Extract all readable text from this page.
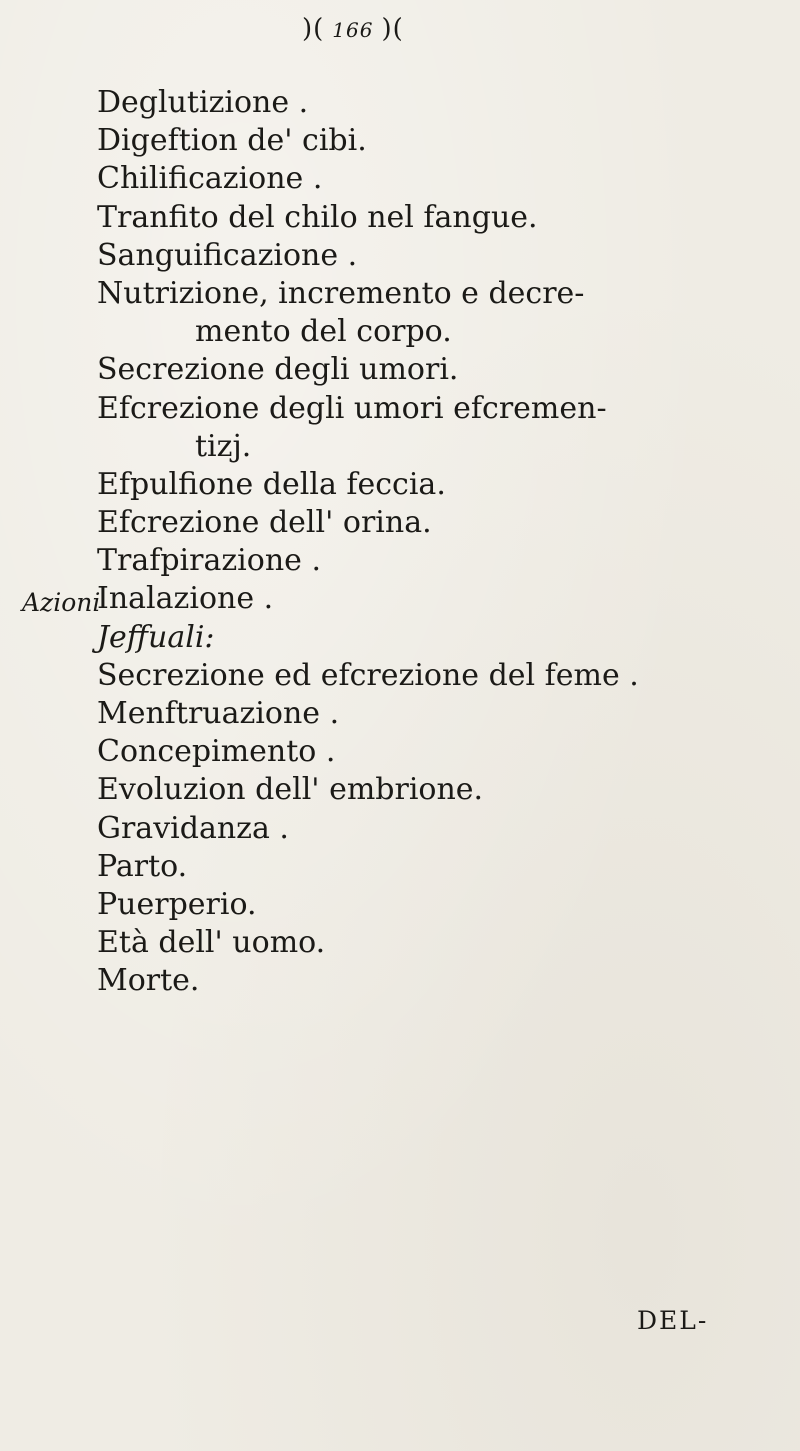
)( 166 )(
Azioni
Deglutizione .
Digeftion de' cibi.
Chilificazione .
Tranfito del chilo nel fangue.
Sanguificazione .
Nutrizione, incremento e decre-
mento del corpo.
Secrezione degli umori.
Efcrezione degli umori efcremen-
tizj.
Efpulfione della feccia.
Efcrezione dell' orina.
Trafpirazione .
Inalazione .
Jeffuali:
Secrezione ed efcrezione del feme .
Menftruazione .
Concepimento .
Evoluzion dell' embrione.
Gravidanza .
Parto.
Puerperio.
Età dell' uomo.
Morte.
DEL-
